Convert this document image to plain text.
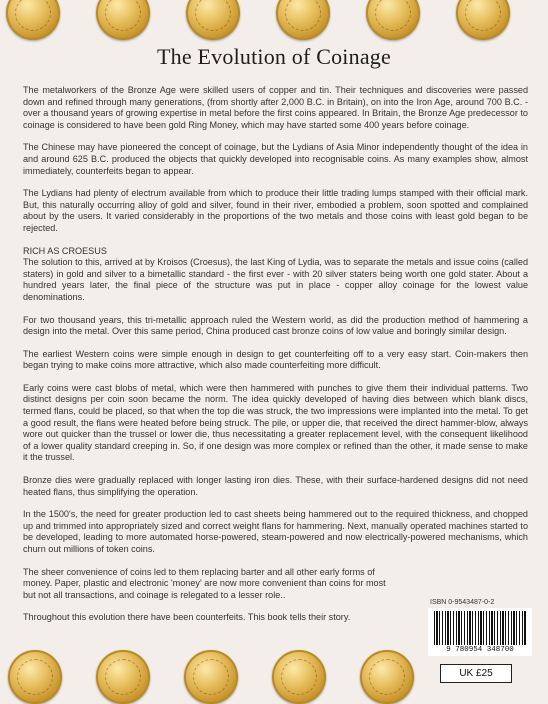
The Evolution of Coinage

The metalworkers of the Bronze Age were skilled users of copper and tin. Their techniques and discoveries were passed down and refined through many generations, (from shortly after 2,000 B.C. in Britain), on into the Iron Age, around 700 B.C. - over a thousand years of growing expertise in metal before the first coins appeared. In Britain, the Bronze Age predecessor to coinage is considered to have been gold Ring Money, which may have started some 400 years before coinage.

The Chinese may have pioneered the concept of coinage, but the Lydians of Asia Minor independently thought of the idea in and around 625 B.C. produced the objects that quickly developed into recognisable coins. As many examples show, almost immediately, counterfeits began to appear.

The Lydians had plenty of electrum available from which to produce their little trading lumps stamped with their official mark. But, this naturally occurring alloy of gold and silver, found in their river, embodied a problem, soon spotted and complained about by the users. It varied considerably in the proportions of the two metals and those coins with least gold began to be rejected.

RICH AS CROESUS

The solution to this, arrived at by Kroisos (Croesus), the last King of Lydia, was to separate the metals and issue coins (called staters) in gold and silver to a bimetallic standard - the first ever - with 20 silver staters being worth one gold stater. About a hundred years later, the final piece of the structure was put in place - copper alloy coinage for the lowest value denominations.

For two thousand years, this tri-metallic approach ruled the Western world, as did the production method of hammering a design into the metal. Over this same period, China produced cast bronze coins of low value and boringly similar design.

The earliest Western coins were simple enough in design to get counterfeiting off to a very easy start. Coin-makers then began trying to make coins more attractive, which also made counterfeiting more difficult.

Early coins were cast blobs of metal, which were then hammered with punches to give them their individual patterns. Two distinct designs per coin soon became the norm. The idea quickly developed of having dies between which blank discs, termed flans, could be placed, so that when the top die was struck, the two impressions were implanted into the metal. To get a good result, the flans were heated before being struck. The pile, or upper die, that received the direct hammer-blow, always wore out quicker than the trussel or lower die, thus necessitating a greater replacement level, with the consequent likelihood of a lower quality standard creeping in. So, if one design was more complex or refined than the other, it made sense to make it the trussel.

Bronze dies were gradually replaced with longer lasting iron dies. These, with their surface-hardened designs did not need heated flans, thus simplifying the operation.

In the 1500's, the need for greater production led to cast sheets being hammered out to the required thickness, and chopped up and trimmed into appropriately sized and correct weight flans for hammering. Next, manually operated machines started to be developed, leading to more automated horse-powered, steam-powered and now electrically-powered mechanisms, which churn out millions of token coins.

The sheer convenience of coins led to them replacing barter and all other early forms of money. Paper, plastic and electronic 'money' are now more convenient than coins for most but not all transactions, and coinage is relegated to a lesser role..

Throughout this evolution there have been counterfeits. This book tells their story.

ISBN 0-9543487-0-2
9 780954 348700
UK £25
